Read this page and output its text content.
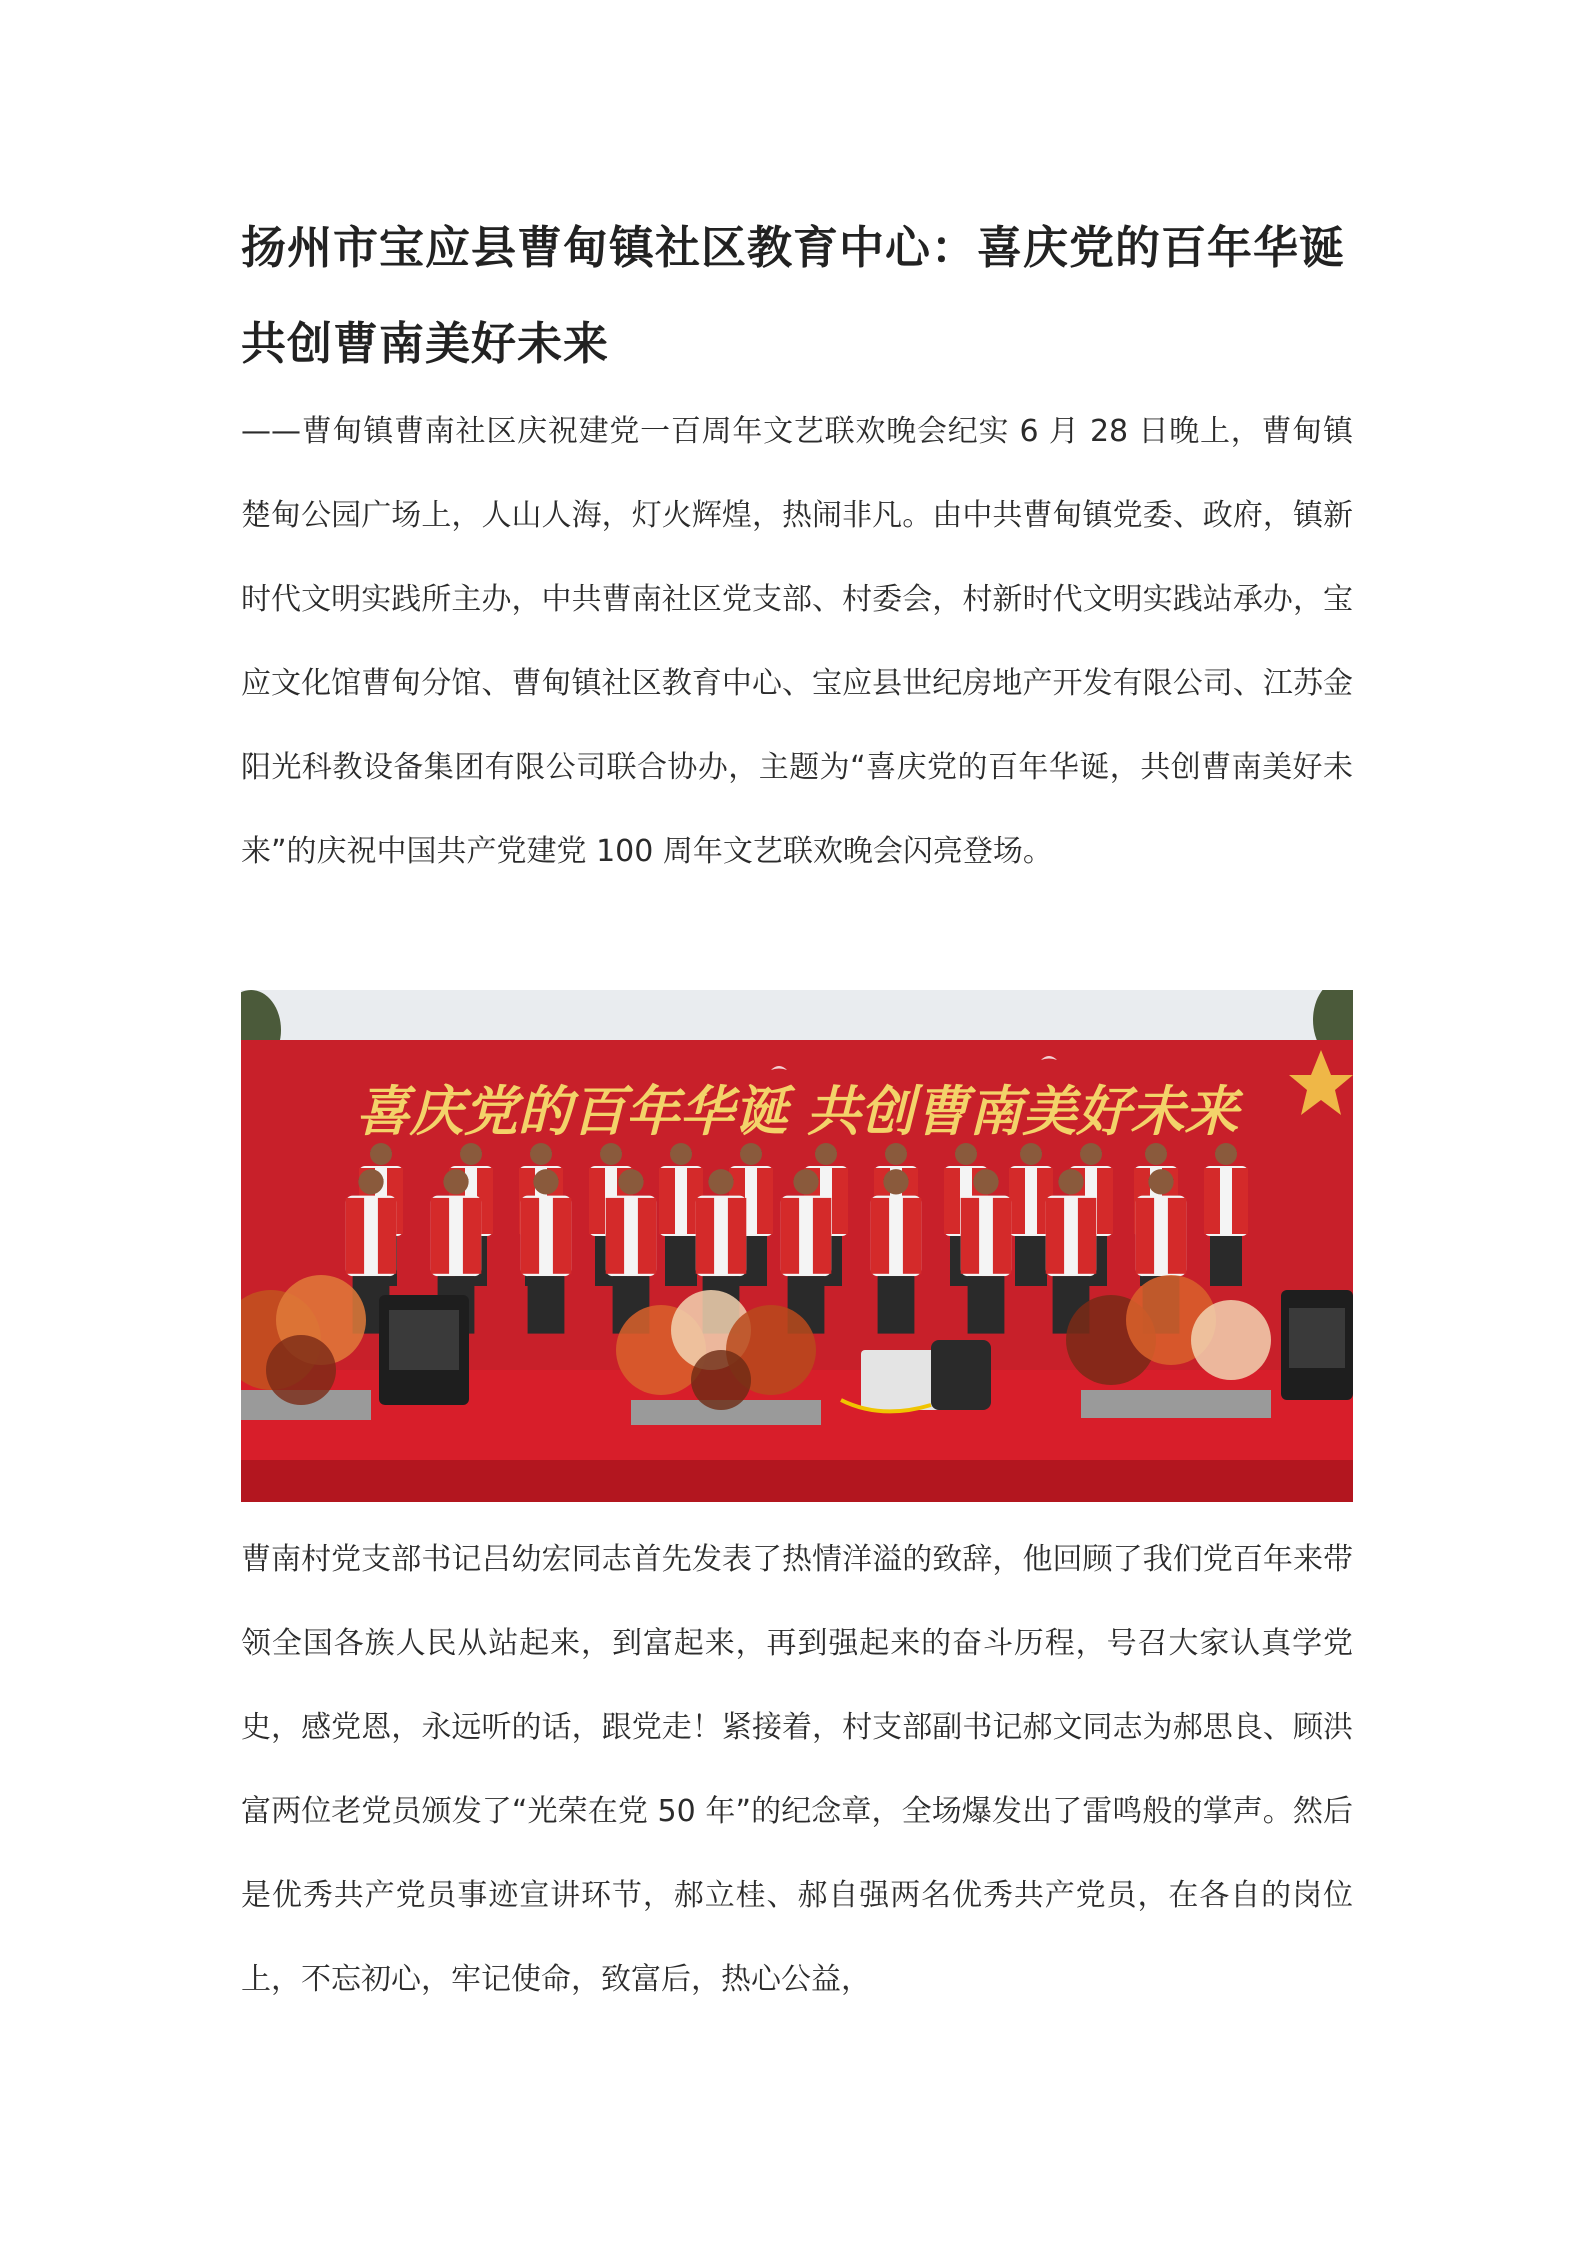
扬州市宝应县曹甸镇社区教育中心：喜庆党的百年华诞共创曹南美好未来

——曹甸镇曹南社区庆祝建党一百周年文艺联欢晚会纪实 6 月 28 日晚上，曹甸镇楚甸公园广场上，人山人海，灯火辉煌，热闹非凡。由中共曹甸镇党委、政府，镇新时代文明实践所主办，中共曹南社区党支部、村委会，村新时代文明实践站承办，宝应文化馆曹甸分馆、曹甸镇社区教育中心、宝应县世纪房地产开发有限公司、江苏金阳光科教设备集团有限公司联合协办，主题为“喜庆党的百年华诞，共创曹南美好未来”的庆祝中国共产党建党 100 周年文艺联欢晚会闪亮登场。

喜庆党的百年华诞 共创曹南美好未来

曹南村党支部书记吕幼宏同志首先发表了热情洋溢的致辞，他回顾了我们党百年来带领全国各族人民从站起来，到富起来，再到强起来的奋斗历程，号召大家认真学党史，感党恩，永远听的话，跟党走！紧接着，村支部副书记郝文同志为郝思良、顾洪富两位老党员颁发了“光荣在党 50 年”的纪念章，全场爆发出了雷鸣般的掌声。然后是优秀共产党员事迹宣讲环节，郝立桂、郝自强两名优秀共产党员，在各自的岗位上，不忘初心，牢记使命，致富后，热心公益，
